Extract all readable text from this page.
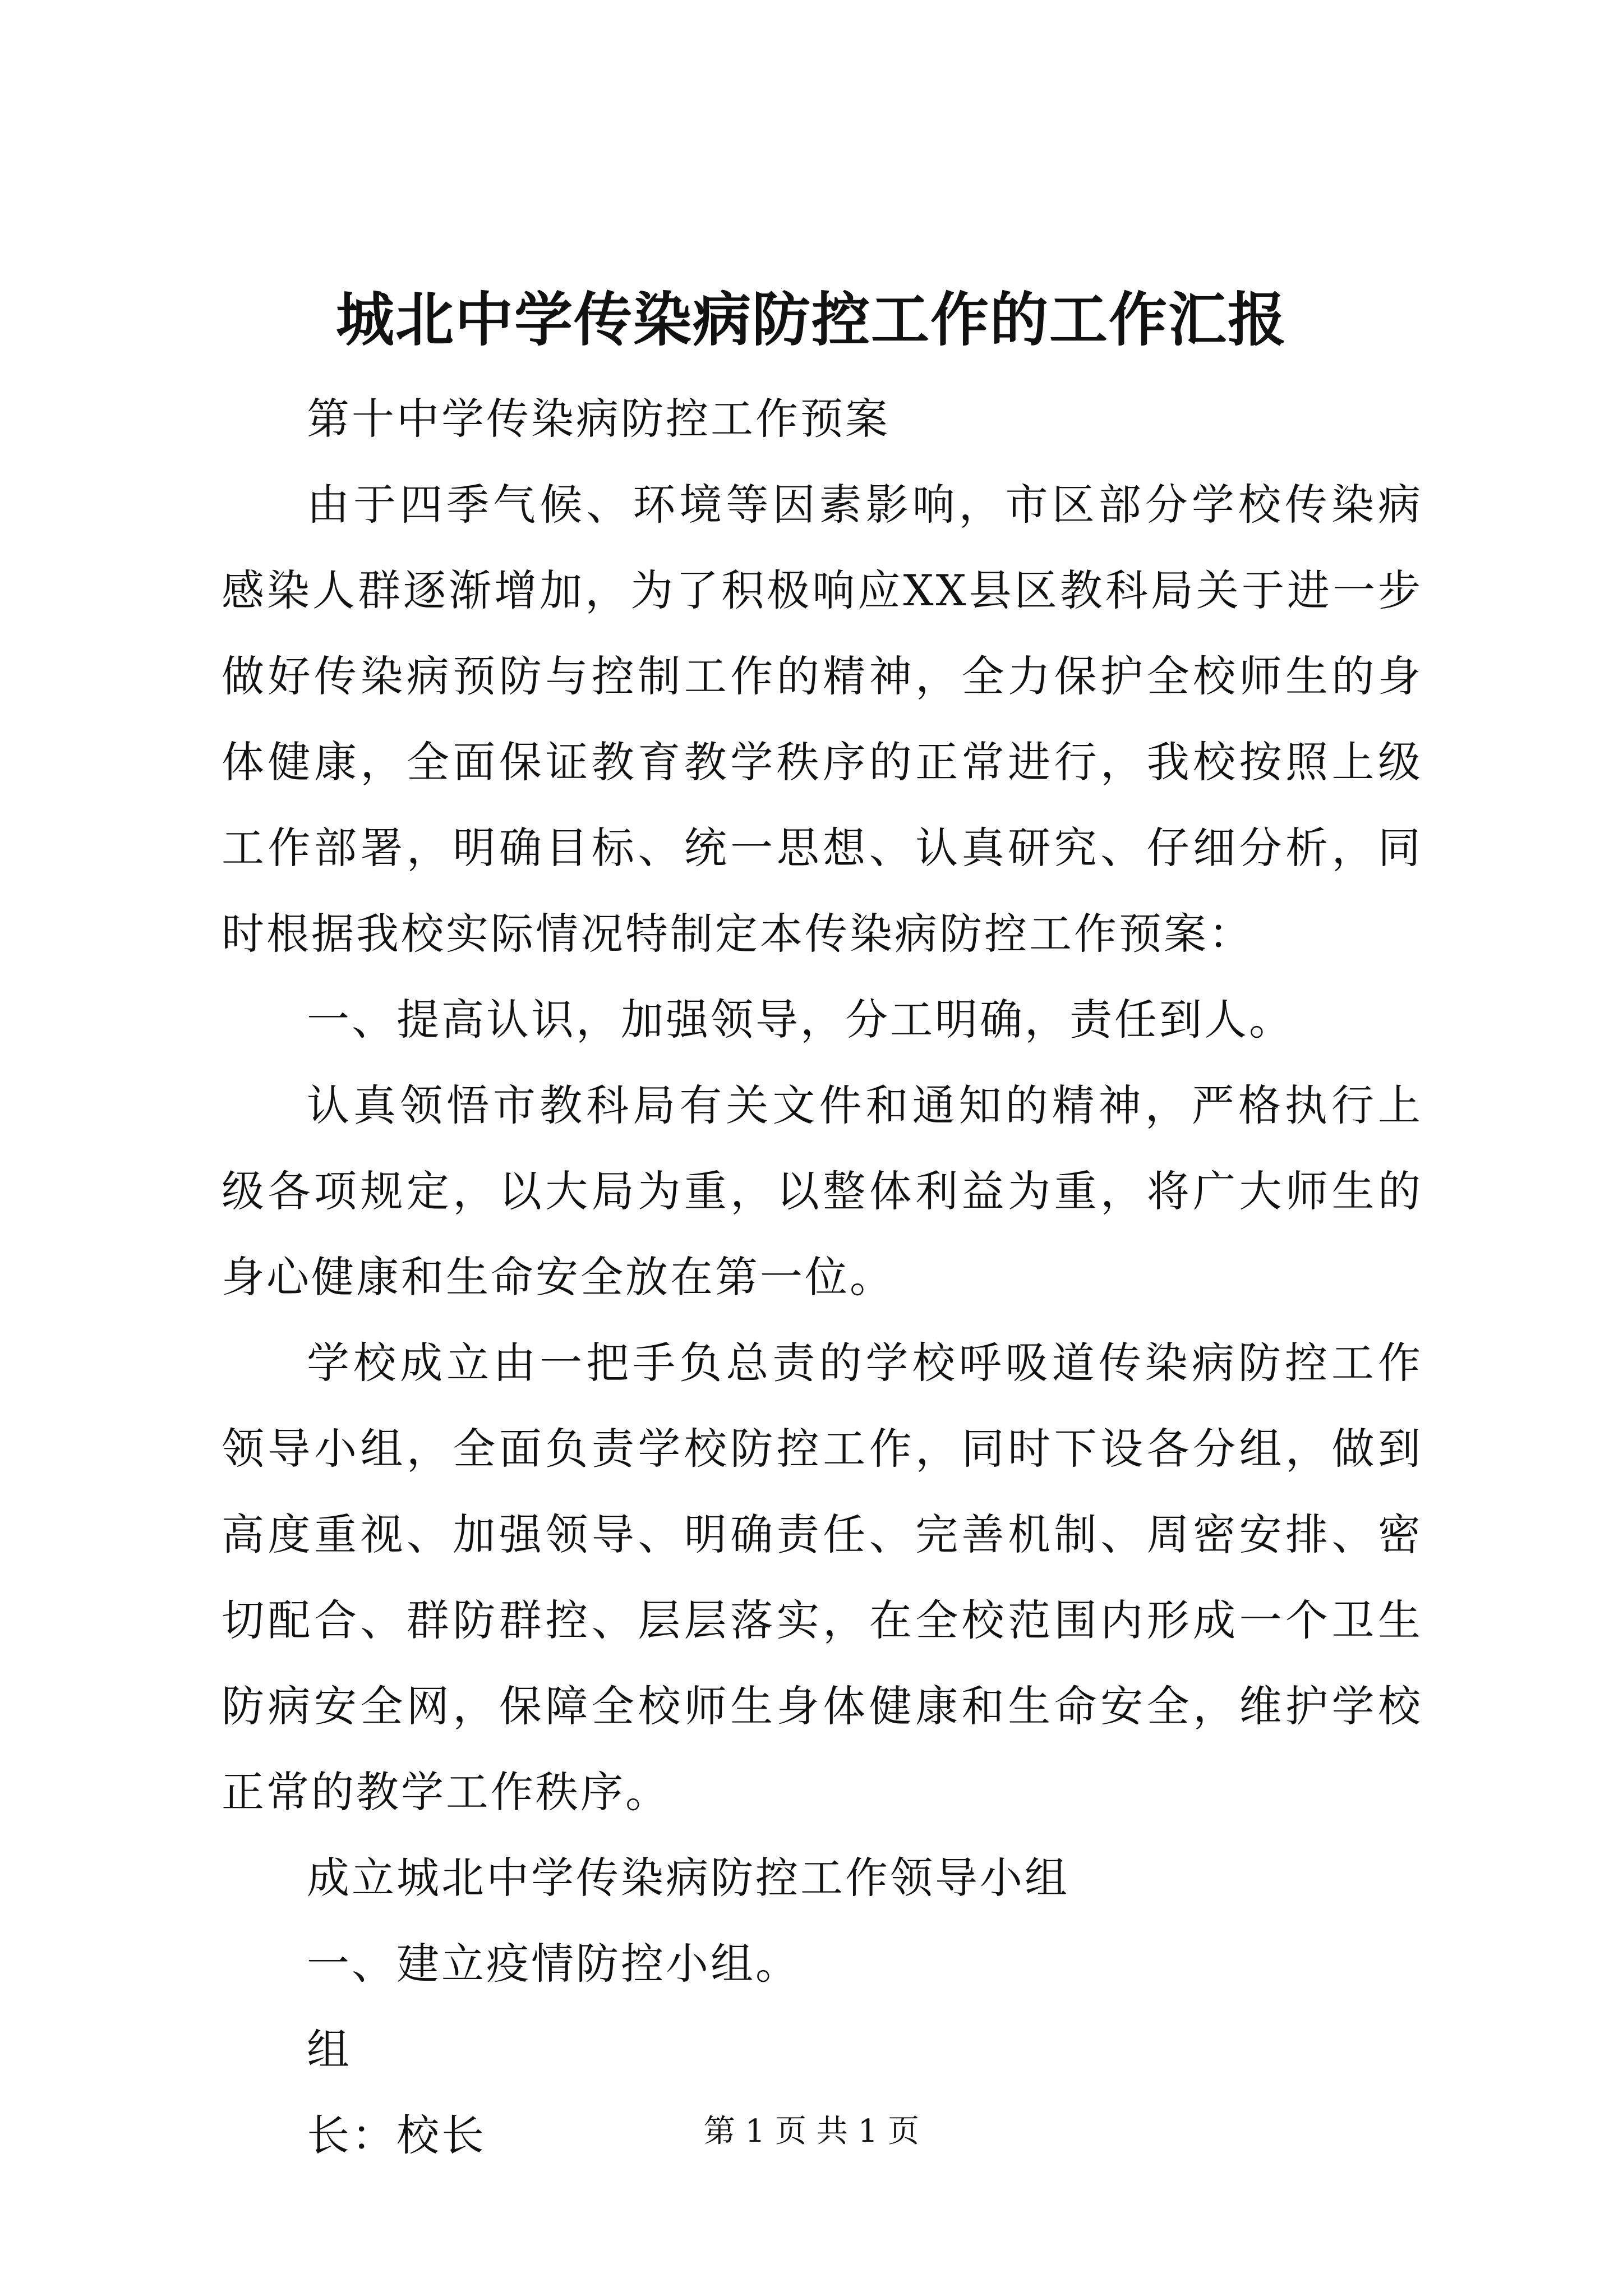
城北中学传染病防控工作的工作汇报

第十中学传染病防控工作预案

由于四季气候、环境等因素影响，市区部分学校传染病感染人群逐渐增加，为了积极响应XX县区教科局关于进一步做好传染病预防与控制工作的精神，全力保护全校师生的身体健康，全面保证教育教学秩序的正常进行，我校按照上级工作部署，明确目标、统一思想、认真研究、仔细分析，同时根据我校实际情况特制定本传染病防控工作预案：

一、提高认识，加强领导，分工明确，责任到人。

认真领悟市教科局有关文件和通知的精神，严格执行上级各项规定，以大局为重，以整体利益为重，将广大师生的身心健康和生命安全放在第一位。

学校成立由一把手负总责的学校呼吸道传染病防控工作领导小组，全面负责学校防控工作，同时下设各分组，做到高度重视、加强领导、明确责任、完善机制、周密安排、密切配合、群防群控、层层落实，在全校范围内形成一个卫生防病安全网，保障全校师生身体健康和生命安全，维护学校正常的教学工作秩序。

成立城北中学传染病防控工作领导小组

一、建立疫情防控小组。

组

长：校长	第 1 页 共 1 页
